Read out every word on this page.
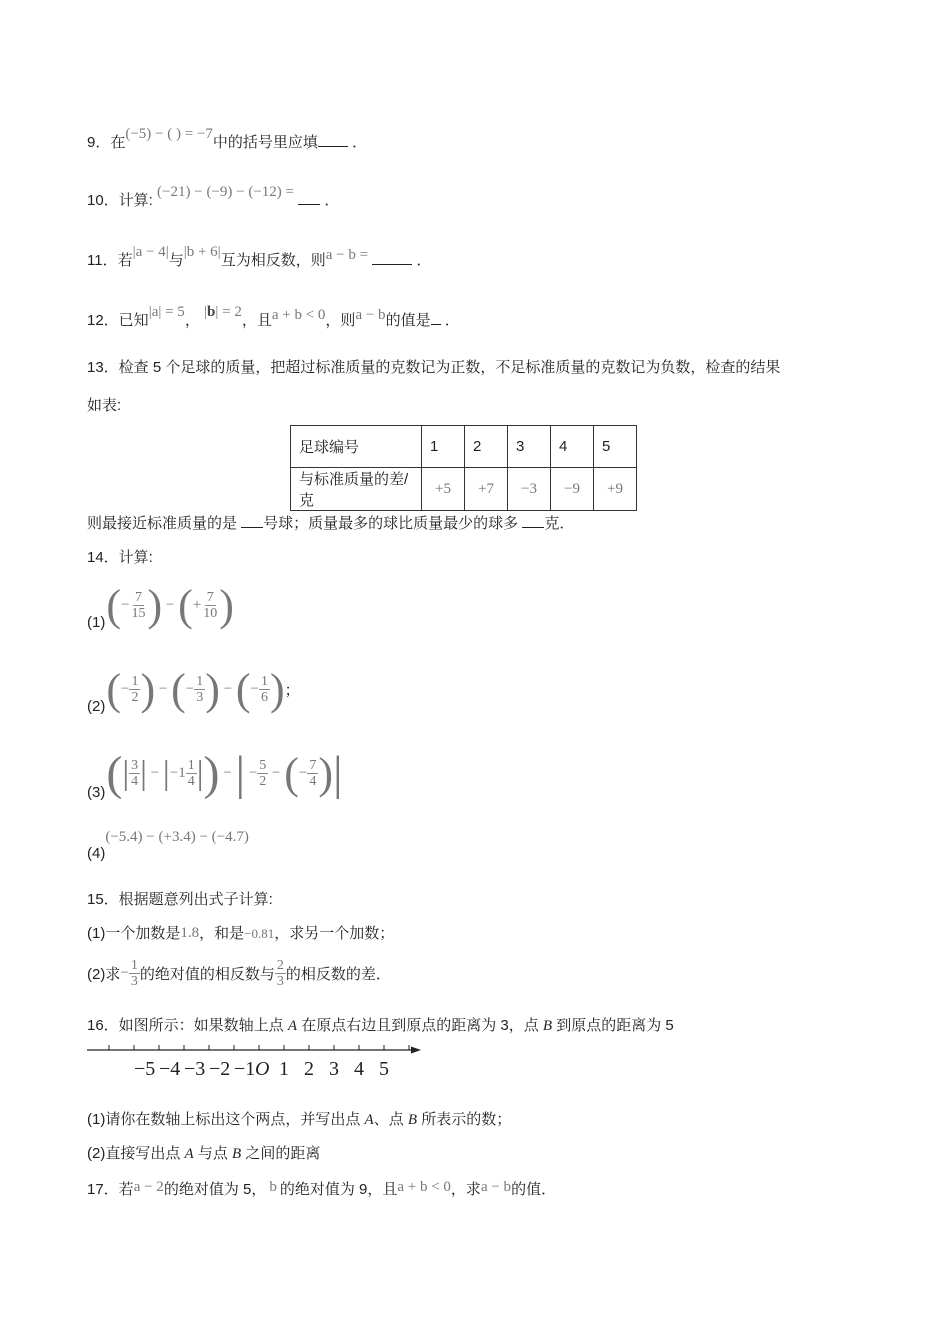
9．在(−5) − ( ) = −7中的括号里应填 ．
10．计算: (−21) − (−9) − (−12) = ．
11．若|a − 4|与|b + 6|互为相反数，则a − b =	．
12．已知|a| = 5， |b| = 2，且a + b < 0，则a − b的值是 ．
13．检查 5 个足球的质量，把超过标准质量的克数记为正数，不足标准质量的克数记为负数，检查的结果
如表:
足球编号	1	2	3	4	5
与标准质量的差/克	+5	+7	−3	−9	+9
则最接近标准质量的是 号球；质量最多的球比质量最少的球多 克．
14．计算:
(1) ( − $\frac{7}{15}$ ) − ( + $\frac{7}{10}$ )
(2) ( − $\frac{1}{2}$ ) − ( − $\frac{1}{3}$ ) − ( − $\frac{1}{6}$ ) ；
(3) ( | $\frac{3}{4}$ | − | − $1 \frac{1}{4}$ | ) − | − $\frac{5}{2}$ − ( − $\frac{7}{4}$ ) |
(4)(−5.4) − (+3.4) − (−4.7)
15．根据题意列出式子计算:
(1)一个加数是1.8，和是−0.81，求另一个加数；
(2)求 − $\frac{1}{3}$ 的绝对值的相反数与 $\frac{2}{3}$ 的相反数的差．
16．如图所示：如果数轴上点 A 在原点右边且到原点的距离为 3，点 B 到原点的距离为 5
−5 −4 −3 −2 −1 O 1 2 3 4 5
(1)请你在数轴上标出这个两点，并写出点 A、点 B 所表示的数；
(2)直接写出点 A 与点 B 之间的距离
17．若a − 2的绝对值为 5， b 的绝对值为 9，且a + b < 0，求a − b的值．
